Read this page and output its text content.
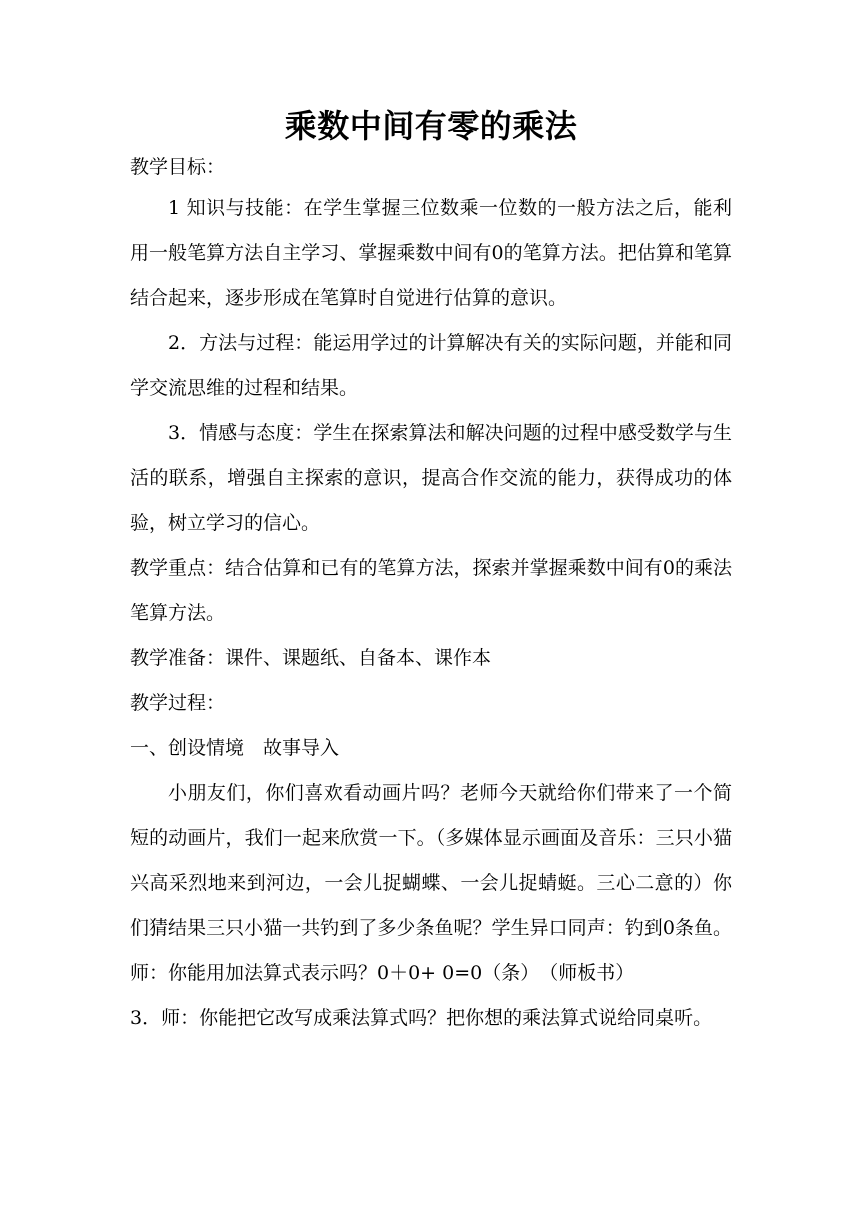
乘数中间有零的乘法

教学目标：

1 知识与技能：在学生掌握三位数乘一位数的一般方法之后，能利用一般笔算方法自主学习、掌握乘数中间有0的笔算方法。把估算和笔算结合起来，逐步形成在笔算时自觉进行估算的意识。

2．方法与过程：能运用学过的计算解决有关的实际问题，并能和同学交流思维的过程和结果。

3．情感与态度：学生在探索算法和解决问题的过程中感受数学与生活的联系，增强自主探索的意识，提高合作交流的能力，获得成功的体验，树立学习的信心。

教学重点：结合估算和已有的笔算方法，探索并掌握乘数中间有0的乘法笔算方法。

教学准备：课件、课题纸、自备本、课作本

教学过程：

一、创设情境　故事导入

小朋友们，你们喜欢看动画片吗？老师今天就给你们带来了一个简短的动画片，我们一起来欣赏一下。（多媒体显示画面及音乐：三只小猫兴高采烈地来到河边，一会儿捉蝴蝶、一会儿捉蜻蜓。三心二意的）你们猜结果三只小猫一共钓到了多少条鱼呢？学生异口同声：钓到0条鱼。师：你能用加法算式表示吗？0＋0+ 0=0（条）　（师板书）

3．师：你能把它改写成乘法算式吗？把你想的乘法算式说给同桌听。
